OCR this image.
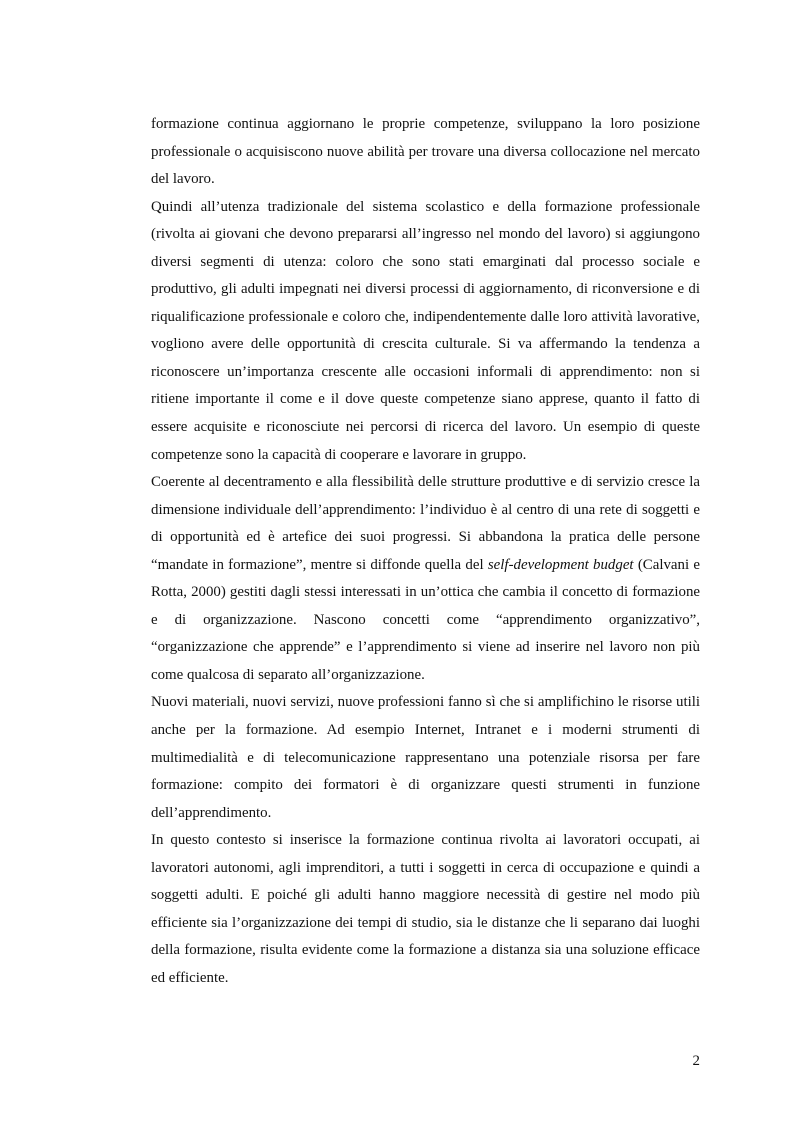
formazione continua aggiornano le proprie competenze, sviluppano la loro posizione professionale o acquisiscono nuove abilità per trovare una diversa collocazione nel mercato del lavoro.

Quindi all’utenza tradizionale del sistema scolastico e della formazione professionale (rivolta ai giovani che devono prepararsi all’ingresso nel mondo del lavoro) si aggiungono diversi segmenti di utenza: coloro che sono stati emarginati dal processo sociale e produttivo, gli adulti impegnati nei diversi processi di aggiornamento, di riconversione e di riqualificazione professionale e coloro che, indipendentemente dalle loro attività lavorative, vogliono avere delle opportunità di crescita culturale. Si va affermando la tendenza a riconoscere un’importanza crescente alle occasioni informali di apprendimento: non si ritiene importante il come e il dove queste competenze siano apprese, quanto il fatto di essere acquisite e riconosciute nei percorsi di ricerca del lavoro. Un esempio di queste competenze sono la capacità di cooperare e lavorare in gruppo.

Coerente al decentramento e alla flessibilità delle strutture produttive e di servizio cresce la dimensione individuale dell’apprendimento: l’individuo è al centro di una rete di soggetti e di opportunità ed è artefice dei suoi progressi. Si abbandona la pratica delle persone “mandate in formazione”, mentre si diffonde quella del self-development budget (Calvani e Rotta, 2000) gestiti dagli stessi interessati in un’ottica che cambia il concetto di formazione e di organizzazione. Nascono concetti come “apprendimento organizzativo”, “organizzazione che apprende” e l’apprendimento si viene ad inserire nel lavoro non più come qualcosa di separato all’organizzazione.

Nuovi materiali, nuovi servizi, nuove professioni fanno sì che si amplifichino le risorse utili anche per la formazione. Ad esempio Internet, Intranet e i moderni strumenti di multimedialità e di telecomunicazione rappresentano una potenziale risorsa per fare formazione: compito dei formatori è di organizzare questi strumenti in funzione dell’apprendimento.

In questo contesto si inserisce la formazione continua rivolta ai lavoratori occupati, ai lavoratori autonomi, agli imprenditori, a tutti i soggetti in cerca di occupazione e quindi a soggetti adulti. E poiché gli adulti hanno maggiore necessità di gestire nel modo più efficiente sia l’organizzazione dei tempi di studio, sia le distanze che li separano dai luoghi della formazione, risulta evidente come la formazione a distanza sia una soluzione efficace ed efficiente.

2
